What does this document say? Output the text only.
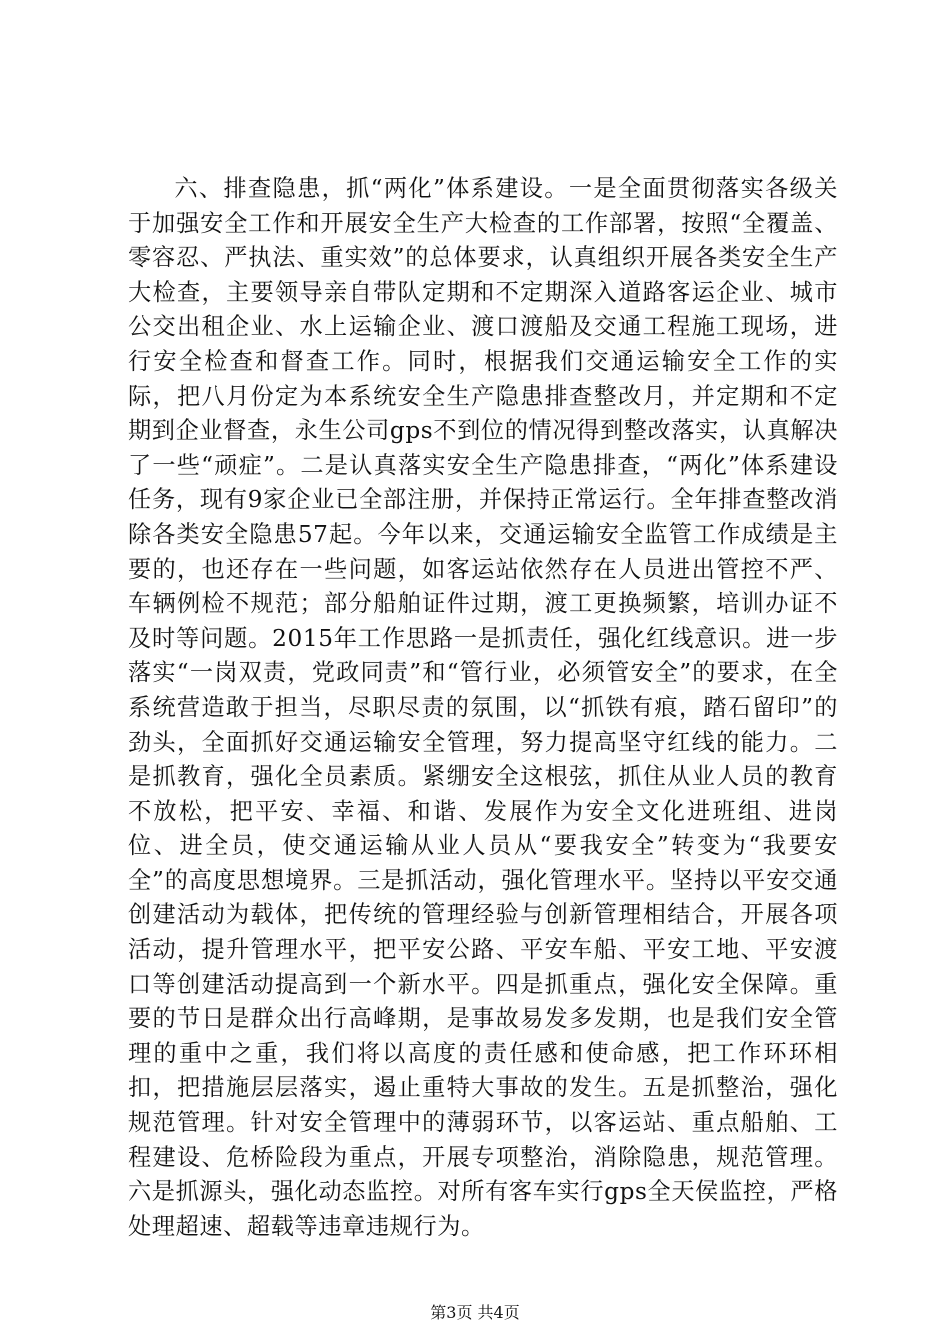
六、排查隐患，抓“两化”体系建设。一是全面贯彻落实各级关于加强安全工作和开展安全生产大检查的工作部署，按照“全覆盖、零容忍、严执法、重实效”的总体要求，认真组织开展各类安全生产大检查，主要领导亲自带队定期和不定期深入道路客运企业、城市公交出租企业、水上运输企业、渡口渡船及交通工程施工现场，进行安全检查和督查工作。同时，根据我们交通运输安全工作的实际，把八月份定为本系统安全生产隐患排查整改月，并定期和不定期到企业督查，永生公司gps不到位的情况得到整改落实，认真解决了一些“顽症”。二是认真落实安全生产隐患排查，“两化”体系建设任务，现有9家企业已全部注册，并保持正常运行。全年排查整改消除各类安全隐患57起。今年以来，交通运输安全监管工作成绩是主要的，也还存在一些问题，如客运站依然存在人员进出管控不严、车辆例检不规范；部分船舶证件过期，渡工更换频繁，培训办证不及时等问题。2015年工作思路一是抓责任，强化红线意识。进一步落实“一岗双责，党政同责”和“管行业，必须管安全”的要求，在全系统营造敢于担当，尽职尽责的氛围，以“抓铁有痕，踏石留印”的劲头，全面抓好交通运输安全管理，努力提高坚守红线的能力。二是抓教育，强化全员素质。紧绷安全这根弦，抓住从业人员的教育不放松，把平安、幸福、和谐、发展作为安全文化进班组、进岗位、进全员，使交通运输从业人员从“要我安全”转变为“我要安全”的高度思想境界。三是抓活动，强化管理水平。坚持以平安交通创建活动为载体，把传统的管理经验与创新管理相结合，开展各项活动，提升管理水平，把平安公路、平安车船、平安工地、平安渡口等创建活动提高到一个新水平。四是抓重点，强化安全保障。重要的节日是群众出行高峰期，是事故易发多发期，也是我们安全管理的重中之重，我们将以高度的责任感和使命感，把工作环环相扣，把措施层层落实，遏止重特大事故的发生。五是抓整治，强化规范管理。针对安全管理中的薄弱环节，以客运站、重点船舶、工程建设、危桥险段为重点，开展专项整治，消除隐患，规范管理。六是抓源头，强化动态监控。对所有客车实行gps全天侯监控，严格处理超速、超载等违章违规行为。

第3页 共4页
